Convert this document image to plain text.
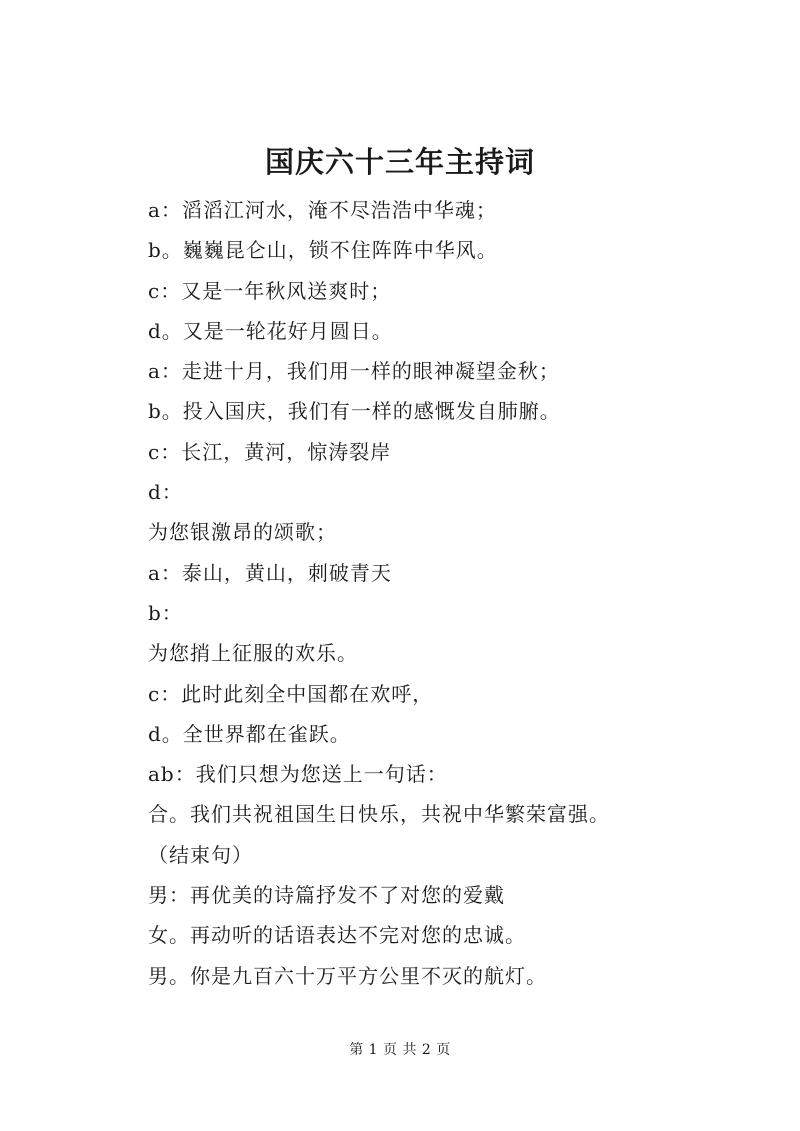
国庆六十三年主持词
a：滔滔江河水，淹不尽浩浩中华魂；
b。巍巍昆仑山，锁不住阵阵中华风。
c：又是一年秋风送爽时；
d。又是一轮花好月圆日。
a：走进十月，我们用一样的眼神凝望金秋；
b。投入国庆，我们有一样的感慨发自肺腑。
c：长江，黄河，惊涛裂岸
d：
为您银激昂的颂歌；
a：泰山，黄山，刺破青天
b：
为您捎上征服的欢乐。
c：此时此刻全中国都在欢呼，
d。全世界都在雀跃。
ab：我们只想为您送上一句话：
合。我们共祝祖国生日快乐，共祝中华繁荣富强。
（结束句）
男：再优美的诗篇抒发不了对您的爱戴
女。再动听的话语表达不完对您的忠诚。
男。你是九百六十万平方公里不灭的航灯。
第 1 页 共 2 页
